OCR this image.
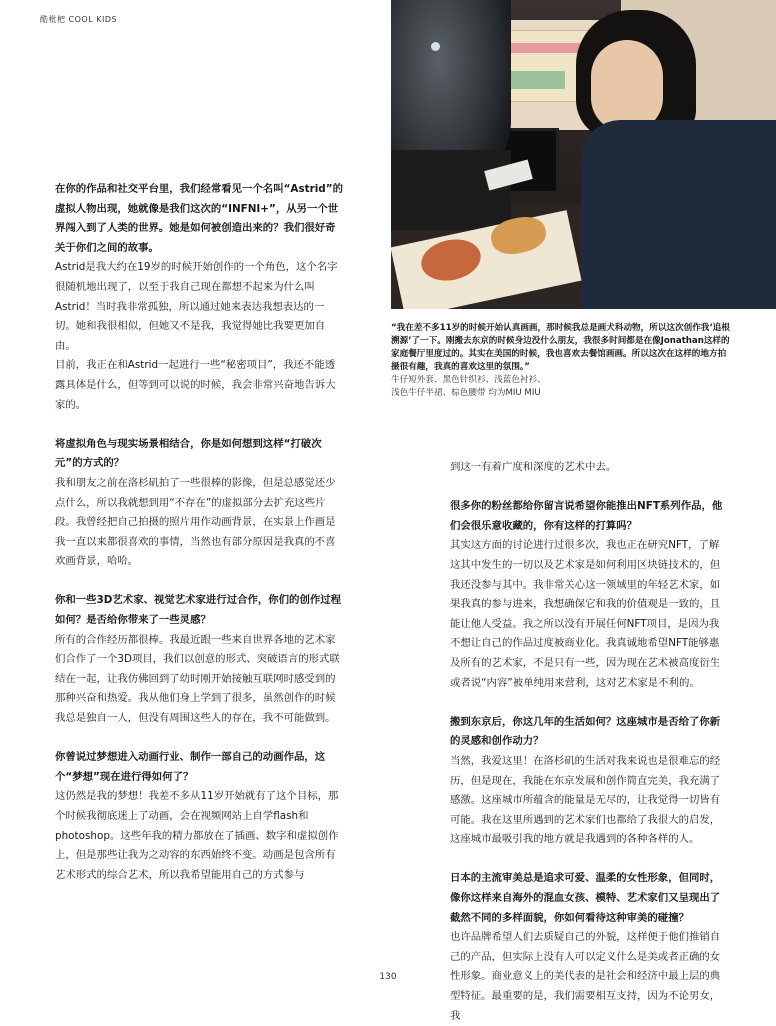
酷枇杷 COOL KIDS
“我在差不多11岁的时候开始认真画画，那时候我总是画犬科动物，所以这次创作我‘追根溯源’了一下。刚搬去东京的时候身边没什么朋友，我很多时间都是在像Jonathan这样的家庭餐厅里度过的。其实在美国的时候，我也喜欢去餐馆画画。所以这次在这样的地方拍摄很有趣，我真的喜欢这里的氛围。”
牛仔短外套、黑色针织衫、浅蓝色衬衫、
浅色牛仔半裙、棕色腰带 均为MIU MIU

在你的作品和社交平台里，我们经常看见一个名叫“Astrid”的虚拟人物出现，她就像是我们这次的“INFNI+”，从另一个世界闯入到了人类的世界。她是如何被创造出来的？我们很好奇关于你们之间的故事。

Astrid是我大约在19岁的时候开始创作的一个角色，这个名字很随机地出现了，以至于我自己现在都想不起来为什么叫Astrid！当时我非常孤独，所以通过她来表达我想表达的一切。她和我很相似，但她又不是我，我觉得她比我要更加自由。

目前，我正在和Astrid一起进行一些“秘密项目”，我还不能透露具体是什么，但等到可以说的时候，我会非常兴奋地告诉大家的。

将虚拟角色与现实场景相结合，你是如何想到这样“打破次元”的方式的？

我和朋友之前在洛杉矶拍了一些很棒的影像，但是总感觉还少点什么，所以我就想到用“不存在”的虚拟部分去扩充这些片段。我曾经把自己拍摄的照片用作动画背景，在实景上作画是我一直以来都很喜欢的事情，当然也有部分原因是我真的不喜欢画背景，哈哈。

你和一些3D艺术家、视觉艺术家进行过合作，你们的创作过程如何？是否给你带来了一些灵感？

所有的合作经历都很棒。我最近跟一些来自世界各地的艺术家们合作了一个3D项目，我们以创意的形式、突破语言的形式联结在一起，让我仿佛回到了幼时刚开始接触互联网时感受到的那种兴奋和热爱。我从他们身上学到了很多，虽然创作的时候我总是独自一人，但没有周围这些人的存在，我不可能做到。

你曾说过梦想进入动画行业、制作一部自己的动画作品，这个“梦想”现在进行得如何了？

这仍然是我的梦想！我差不多从11岁开始就有了这个目标，那个时候我彻底迷上了动画，会在视频网站上自学flash和photoshop。这些年我的精力都放在了插画、数字和虚拟创作上，但是那些让我为之动容的东西始终不变。动画是包含所有艺术形式的综合艺术，所以我希望能用自己的方式参与

到这一有着广度和深度的艺术中去。

很多你的粉丝都给你留言说希望你能推出NFT系列作品，他们会很乐意收藏的，你有这样的打算吗？

其实这方面的讨论进行过很多次，我也正在研究NFT，了解这其中发生的一切以及艺术家是如何利用区块链技术的，但我还没参与其中。我非常关心这一领域里的年轻艺术家，如果我真的参与进来，我想确保它和我的价值观是一致的，且能让他人受益。我之所以没有开展任何NFT项目，是因为我不想让自己的作品过度被商业化。我真诚地希望NFT能够惠及所有的艺术家，不是只有一些，因为现在艺术被高度衍生或者说“内容”被单纯用来营利，这对艺术家是不利的。

搬到东京后，你这几年的生活如何？这座城市是否给了你新的灵感和创作动力？

当然，我爱这里！在洛杉矶的生活对我来说也是很难忘的经历，但是现在，我能在东京发展和创作简直完美，我充满了感激。这座城市所蕴含的能量是无尽的，让我觉得一切皆有可能。我在这里所遇到的艺术家们也都给了我很大的启发，这座城市最吸引我的地方就是我遇到的各种各样的人。

日本的主流审美总是追求可爱、温柔的女性形象，但同时，像你这样来自海外的混血女孩、模特、艺术家们又呈现出了截然不同的多样面貌，你如何看待这种审美的碰撞？

也许品牌希望人们去质疑自己的外貌，这样便于他们推销自己的产品，但实际上没有人可以定义什么是美或者正确的女性形象。商业意义上的美代表的是社会和经济中最上层的典型特征。最重要的是，我们需要相互支持，因为不论男女，我

130
